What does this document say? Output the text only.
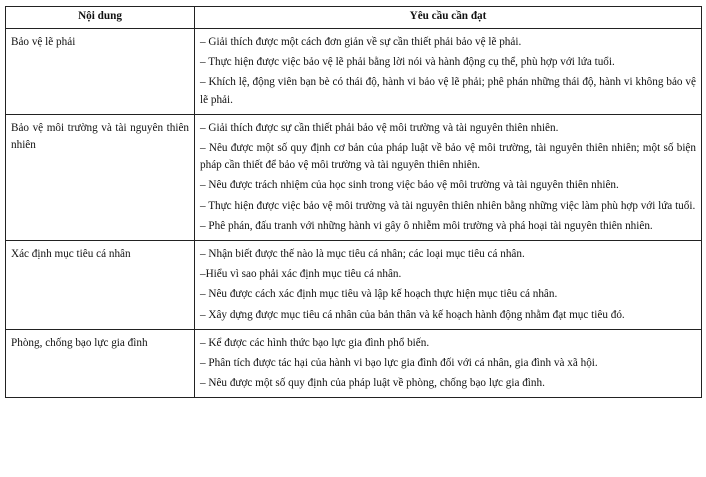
Nội dung	Yêu cầu cần đạt
Bảo vệ lẽ phải	– Giải thích được một cách đơn giản về sự cần thiết phải bảo vệ lẽ phải.
– Thực hiện được việc bảo vệ lẽ phải bằng lời nói và hành động cụ thể, phù hợp với lứa tuổi.
– Khích lệ, động viên bạn bè có thái độ, hành vi bảo vệ lẽ phải; phê phán những thái độ, hành vi không bảo vệ lẽ phải.

Bảo vệ môi trường và tài nguyên thiên nhiên	– Giải thích được sự cần thiết phải bảo vệ môi trường và tài nguyên thiên nhiên.
– Nêu được một số quy định cơ bản của pháp luật về bảo vệ môi trường, tài nguyên thiên nhiên; một số biện pháp cần thiết để bảo vệ môi trường và tài nguyên thiên nhiên.
– Nêu được trách nhiệm của học sinh trong việc bảo vệ môi trường và tài nguyên thiên nhiên.
– Thực hiện được việc bảo vệ môi trường và tài nguyên thiên nhiên bằng những việc làm phù hợp với lứa tuổi.
– Phê phán, đấu tranh với những hành vi gây ô nhiễm môi trường và phá hoại tài nguyên thiên nhiên.

Xác định mục tiêu cá nhân	– Nhận biết được thế nào là mục tiêu cá nhân; các loại mục tiêu cá nhân.
–Hiểu vì sao phải xác định mục tiêu cá nhân.
– Nêu được cách xác định mục tiêu và lập kế hoạch thực hiện mục tiêu cá nhân.
– Xây dựng được mục tiêu cá nhân của bản thân và kế hoạch hành động nhằm đạt mục tiêu đó.

Phòng, chống bạo lực gia đình	– Kể được các hình thức bạo lực gia đình phổ biến.
– Phân tích được tác hại của hành vi bạo lực gia đình đối với cá nhân, gia đình và xã hội.
– Nêu được một số quy định của pháp luật về phòng, chống bạo lực gia đình.
